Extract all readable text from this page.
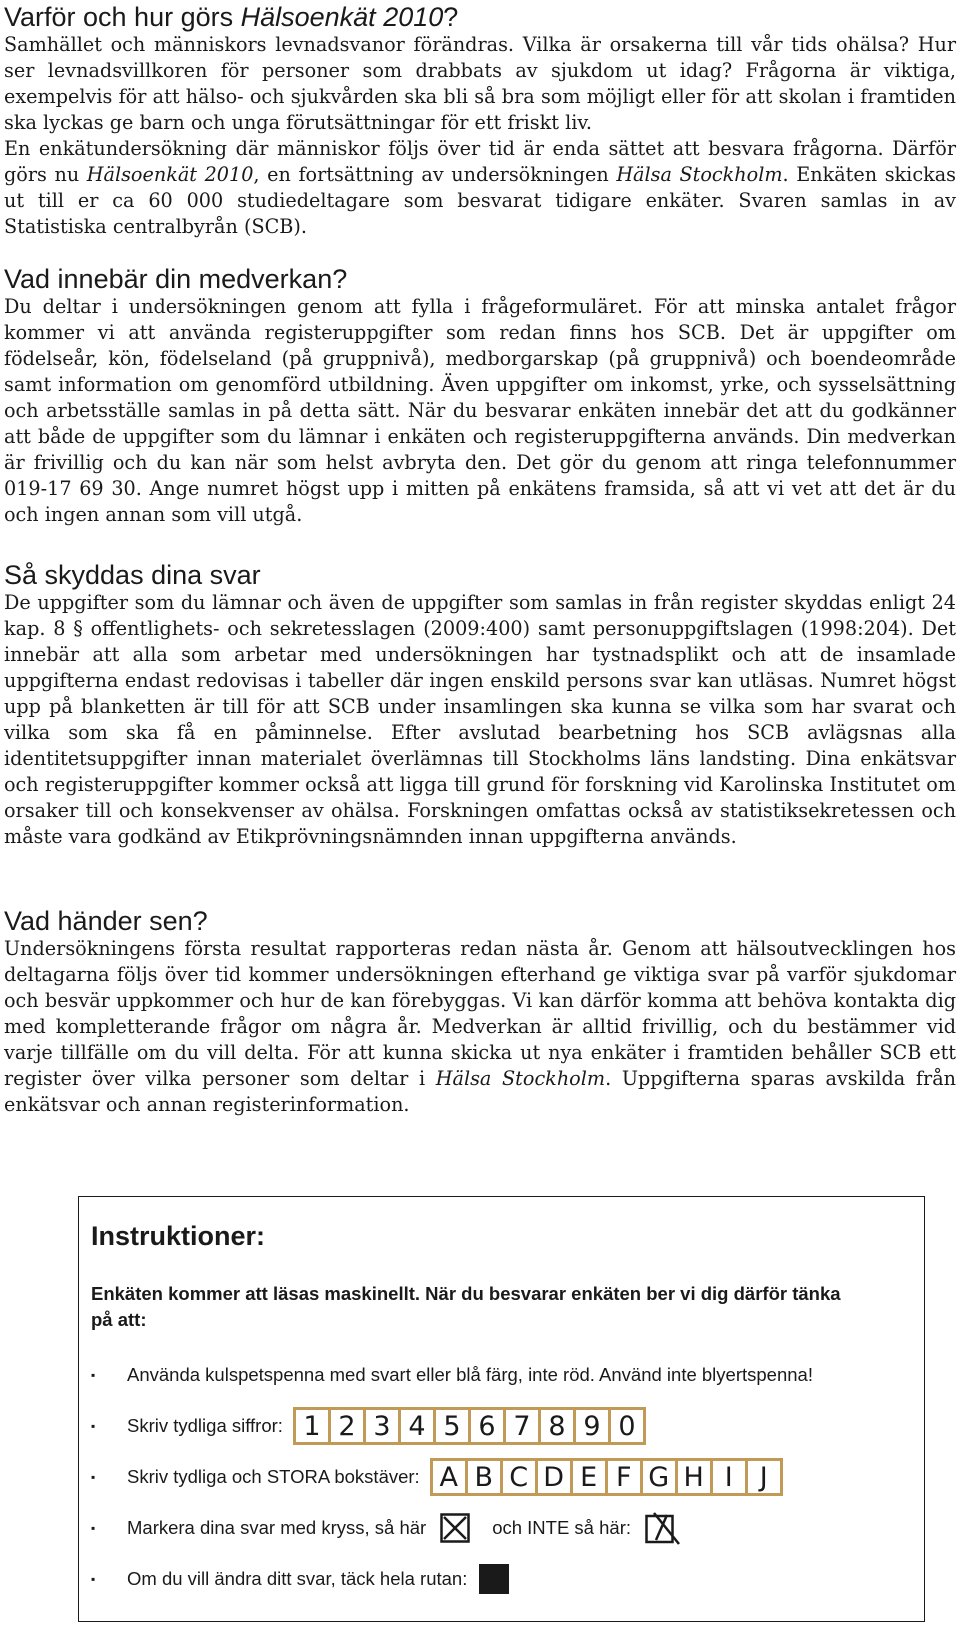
Varför och hur görs Hälsoenkät 2010?

Samhället och människors levnadsvanor förändras. Vilka är orsakerna till vår tids ohälsa? Hur ser levnadsvillkoren för personer som drabbats av sjukdom ut idag? Frågorna är viktiga, exempelvis för att hälso- och sjukvården ska bli så bra som möjligt eller för att skolan i framtiden ska lyckas ge barn och unga förutsättningar för ett friskt liv.

En enkätundersökning där människor följs över tid är enda sättet att besvara frågorna. Därför görs nu Hälsoenkät 2010, en fortsättning av undersökningen Hälsa Stockholm. Enkäten skickas ut till er ca 60 000 studiedeltagare som besvarat tidigare enkäter. Svaren samlas in av Statistiska centralbyrån (SCB).

Vad innebär din medverkan?

Du deltar i undersökningen genom att fylla i frågeformuläret. För att minska antalet frågor kommer vi att använda registeruppgifter som redan finns hos SCB. Det är uppgifter om födelseår, kön, födelseland (på gruppnivå), medborgarskap (på gruppnivå) och boendeområde samt information om genomförd utbildning. Även uppgifter om inkomst, yrke, och sysselsättning och arbetsställe samlas in på detta sätt. När du besvarar enkäten innebär det att du godkänner att både de uppgifter som du lämnar i enkäten och registeruppgifterna används. Din medverkan är frivillig och du kan när som helst avbryta den. Det gör du genom att ringa telefonnummer 019-17 69 30. Ange numret högst upp i mitten på enkätens framsida, så att vi vet att det är du och ingen annan som vill utgå.

Så skyddas dina svar

De uppgifter som du lämnar och även de uppgifter som samlas in från register skyddas enligt 24 kap. 8 § offentlighets- och sekretesslagen (2009:400) samt personuppgiftslagen (1998:204). Det innebär att alla som arbetar med undersökningen har tystnadsplikt och att de insamlade uppgifterna endast redovisas i tabeller där ingen enskild persons svar kan utläsas. Numret högst upp på blanketten är till för att SCB under insamlingen ska kunna se vilka som har svarat och vilka som ska få en påminnelse. Efter avslutad bearbetning hos SCB avlägsnas alla identitetsuppgifter innan materialet överlämnas till Stockholms läns landsting. Dina enkätsvar och registeruppgifter kommer också att ligga till grund för forskning vid Karolinska Institutet om orsaker till och konsekvenser av ohälsa. Forskningen omfattas också av statistiksekretessen och måste vara godkänd av Etikprövningsnämnden innan uppgifterna används.

Vad händer sen?

Undersökningens första resultat rapporteras redan nästa år. Genom att hälsoutvecklingen hos deltagarna följs över tid kommer undersökningen efterhand ge viktiga svar på varför sjukdomar och besvär uppkommer och hur de kan förebyggas. Vi kan därför komma att behöva kontakta dig med kompletterande frågor om några år. Medverkan är alltid frivillig, och du bestämmer vid varje tillfälle om du vill delta. För att kunna skicka ut nya enkäter i framtiden behåller SCB ett register över vilka personer som deltar i Hälsa Stockholm. Uppgifterna sparas avskilda från enkätsvar och annan registerinformation.

Instruktioner:
Enkäten kommer att läsas maskinellt. När du besvarar enkäten ber vi dig därför tänka på att:
▪	Använda kulspetspenna med svart eller blå färg, inte röd. Använd inte blyertspenna!
▪	Skriv tydliga siffror: 1 2 3 4 5 6 7 8 9 0
▪	Skriv tydliga och STORA bokstäver: A B C D E F G H I	J
▪	Markera dina svar med kryss, så här	och INTE så här:
▪	Om du vill ändra ditt svar, täck hela rutan:
